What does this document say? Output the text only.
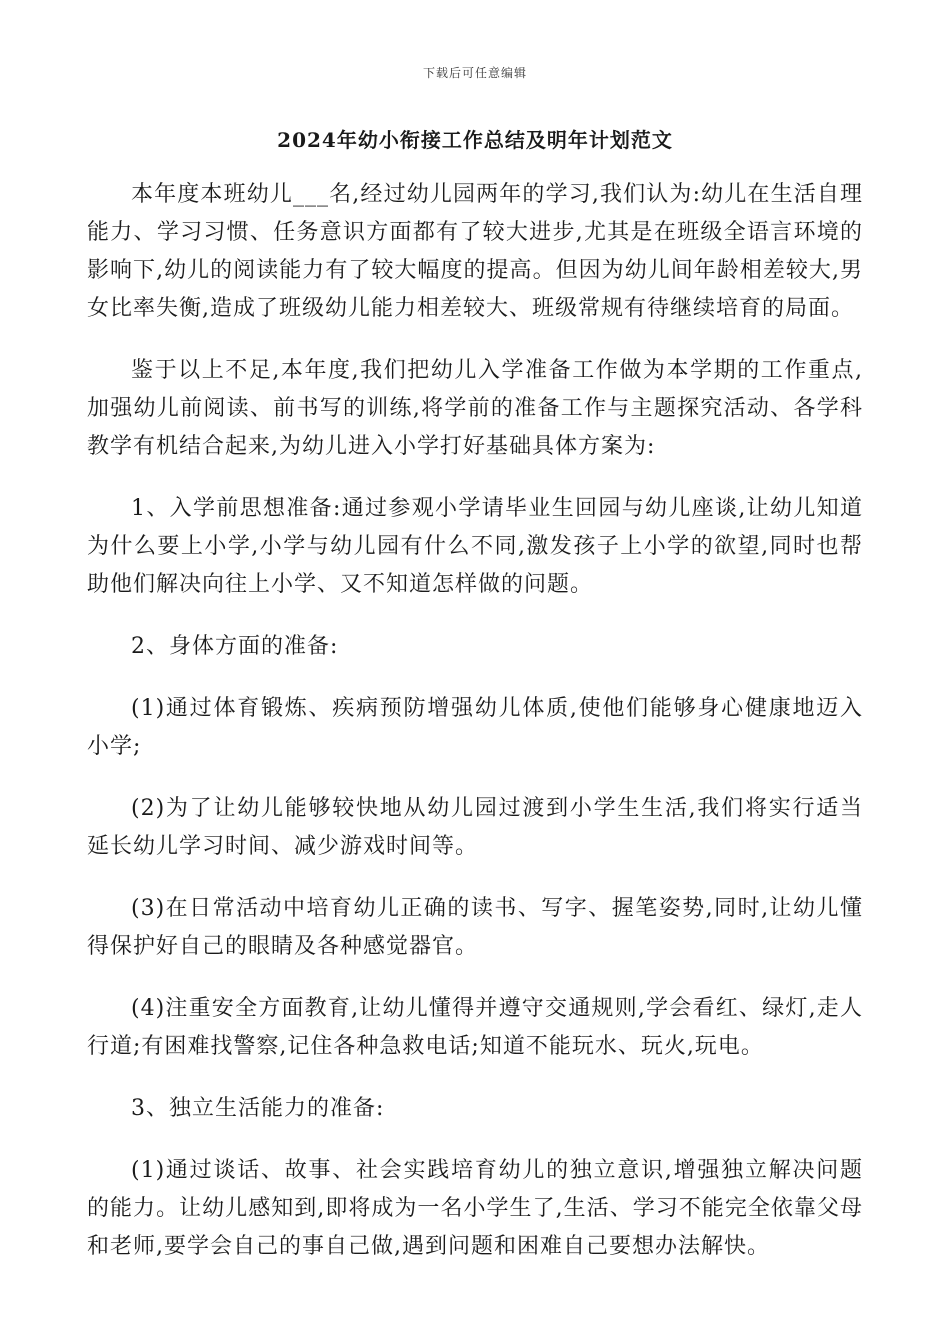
下载后可任意编辑
2024年幼小衔接工作总结及明年计划范文

本年度本班幼儿___名,经过幼儿园两年的学习,我们认为:幼儿在生活自理能力、学习习惯、任务意识方面都有了较大进步,尤其是在班级全语言环境的影响下,幼儿的阅读能力有了较大幅度的提高。但因为幼儿间年龄相差较大,男女比率失衡,造成了班级幼儿能力相差较大、班级常规有待继续培育的局面。

鉴于以上不足,本年度,我们把幼儿入学准备工作做为本学期的工作重点,加强幼儿前阅读、前书写的训练,将学前的准备工作与主题探究活动、各学科教学有机结合起来,为幼儿进入小学打好基础具体方案为:

1、入学前思想准备:通过参观小学请毕业生回园与幼儿座谈,让幼儿知道为什么要上小学,小学与幼儿园有什么不同,激发孩子上小学的欲望,同时也帮助他们解决向往上小学、又不知道怎样做的问题。

2、身体方面的准备:

(1)通过体育锻炼、疾病预防增强幼儿体质,使他们能够身心健康地迈入小学;

(2)为了让幼儿能够较快地从幼儿园过渡到小学生生活,我们将实行适当延长幼儿学习时间、减少游戏时间等。

(3)在日常活动中培育幼儿正确的读书、写字、握笔姿势,同时,让幼儿懂得保护好自己的眼睛及各种感觉器官。

(4)注重安全方面教育,让幼儿懂得并遵守交通规则,学会看红、绿灯,走人行道;有困难找警察,记住各种急救电话;知道不能玩水、玩火,玩电。

3、独立生活能力的准备:

(1)通过谈话、故事、社会实践培育幼儿的独立意识,增强独立解决问题的能力。让幼儿感知到,即将成为一名小学生了,生活、学习不能完全依靠父母和老师,要学会自己的事自己做,遇到问题和困难自己要想办法解快。
